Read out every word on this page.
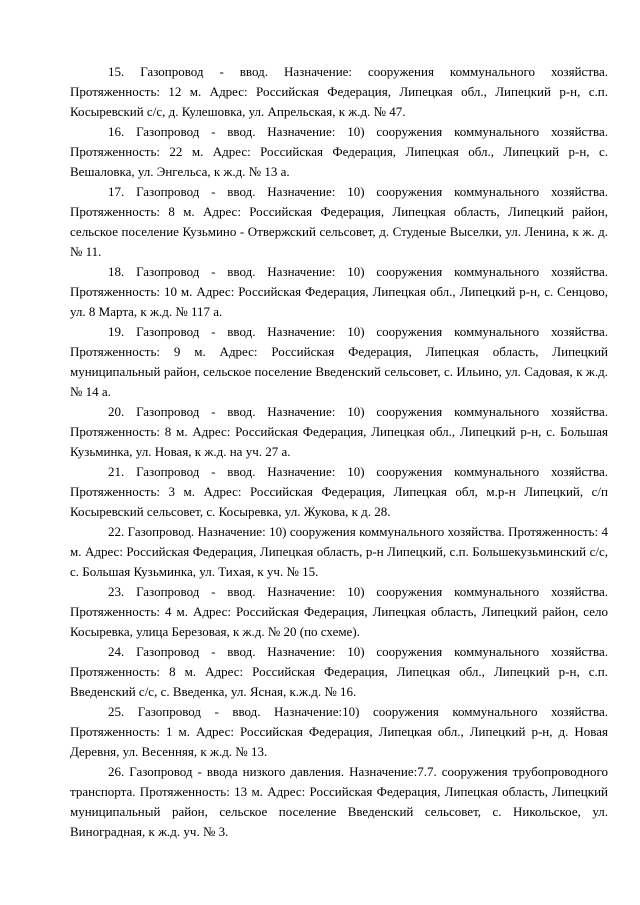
15. Газопровод - ввод. Назначение: сооружения коммунального хозяйства. Протяженность: 12 м. Адрес: Российская Федерация, Липецкая обл., Липецкий р-н, с.п. Косыревский с/с, д. Кулешовка, ул. Апрельская, к ж.д. № 47.

16. Газопровод - ввод. Назначение: 10) сооружения коммунального хозяйства. Протяженность: 22 м. Адрес: Российская Федерация, Липецкая обл., Липецкий р-н, с. Вешаловка, ул. Энгельса, к ж.д. № 13 а.

17. Газопровод - ввод. Назначение: 10) сооружения коммунального хозяйства. Протяженность: 8 м. Адрес: Российская Федерация, Липецкая область, Липецкий район, сельское поселение Кузьмино - Отвержский сельсовет, д. Студеные Выселки, ул. Ленина, к ж. д. № 11.

18. Газопровод - ввод. Назначение: 10) сооружения коммунального хозяйства. Протяженность: 10 м. Адрес: Российская Федерация, Липецкая обл., Липецкий р-н, с. Сенцово, ул. 8 Марта, к ж.д. № 117 а.

19. Газопровод - ввод. Назначение: 10) сооружения коммунального хозяйства. Протяженность: 9 м. Адрес: Российская Федерация, Липецкая область, Липецкий муниципальный район, сельское поселение Введенский сельсовет, с. Ильино, ул. Садовая, к ж.д. № 14 а.

20. Газопровод - ввод. Назначение: 10) сооружения коммунального хозяйства. Протяженность: 8 м. Адрес: Российская Федерация, Липецкая обл., Липецкий р-н, с. Большая Кузьминка, ул. Новая, к ж.д. на уч. 27 а.

21. Газопровод - ввод. Назначение: 10) сооружения коммунального хозяйства. Протяженность: 3 м. Адрес: Российская Федерация, Липецкая обл, м.р-н Липецкий, с/п Косыревский сельсовет, с. Косыревка, ул. Жукова, к д. 28.

22. Газопровод. Назначение: 10) сооружения коммунального хозяйства. Протяженность: 4 м. Адрес: Российская Федерация, Липецкая область, р-н Липецкий, с.п. Большекузьминский с/с, с. Большая Кузьминка, ул. Тихая, к уч. № 15.

23. Газопровод - ввод. Назначение: 10) сооружения коммунального хозяйства. Протяженность: 4 м. Адрес: Российская Федерация, Липецкая область, Липецкий район, село Косыревка, улица Березовая, к ж.д. № 20 (по схеме).

24. Газопровод - ввод. Назначение: 10) сооружения коммунального хозяйства. Протяженность: 8 м. Адрес: Российская Федерация, Липецкая обл., Липецкий р-н, с.п. Введенский с/с, с. Введенка, ул. Ясная, к.ж.д. № 16.

25. Газопровод - ввод. Назначение:10) сооружения коммунального хозяйства. Протяженность: 1 м. Адрес: Российская Федерация, Липецкая обл., Липецкий р-н, д. Новая Деревня, ул. Весенняя, к ж.д. № 13.

26. Газопровод - ввода низкого давления. Назначение:7.7. сооружения трубопроводного транспорта. Протяженность: 13 м. Адрес: Российская Федерация, Липецкая область, Липецкий муниципальный район, сельское поселение Введенский сельсовет, с. Никольское, ул. Виноградная, к ж.д. уч. № 3.
